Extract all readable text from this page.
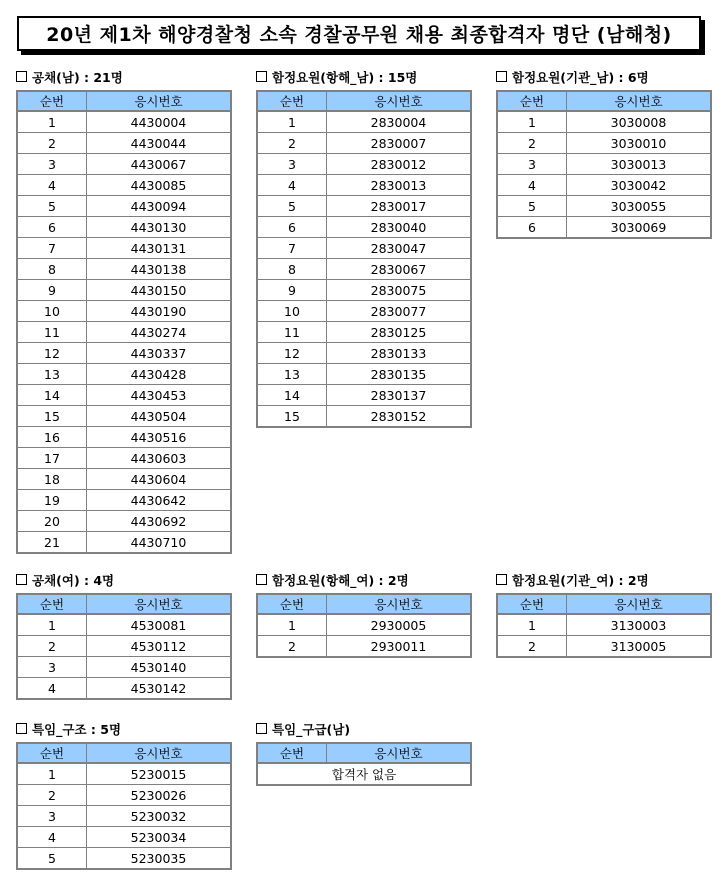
20년 제1차 해양경찰청 소속 경찰공무원 채용 최종합격자 명단 (남해청)
공채(남) : 21명
순번	응시번호
1	4430004
2	4430044
3	4430067
4	4430085
5	4430094
6	4430130
7	4430131
8	4430138
9	4430150
10	4430190
11	4430274
12	4430337
13	4430428
14	4430453
15	4430504
16	4430516
17	4430603
18	4430604
19	4430642
20	4430692
21	4430710
함정요원(항해_남) : 15명
순번	응시번호
1	2830004
2	2830007
3	2830012
4	2830013
5	2830017
6	2830040
7	2830047
8	2830067
9	2830075
10	2830077
11	2830125
12	2830133
13	2830135
14	2830137
15	2830152
함정요원(기관_남) : 6명
순번	응시번호
1	3030008
2	3030010
3	3030013
4	3030042
5	3030055
6	3030069
공채(여) : 4명
순번	응시번호
1	4530081
2	4530112
3	4530140
4	4530142
함정요원(항해_여) : 2명
순번	응시번호
1	2930005
2	2930011
함정요원(기관_여) : 2명
순번	응시번호
1	3130003
2	3130005
특임_구조 : 5명
순번	응시번호
1	5230015
2	5230026
3	5230032
4	5230034
5	5230035
특임_구급(남)
순번	응시번호
합격자 없음
